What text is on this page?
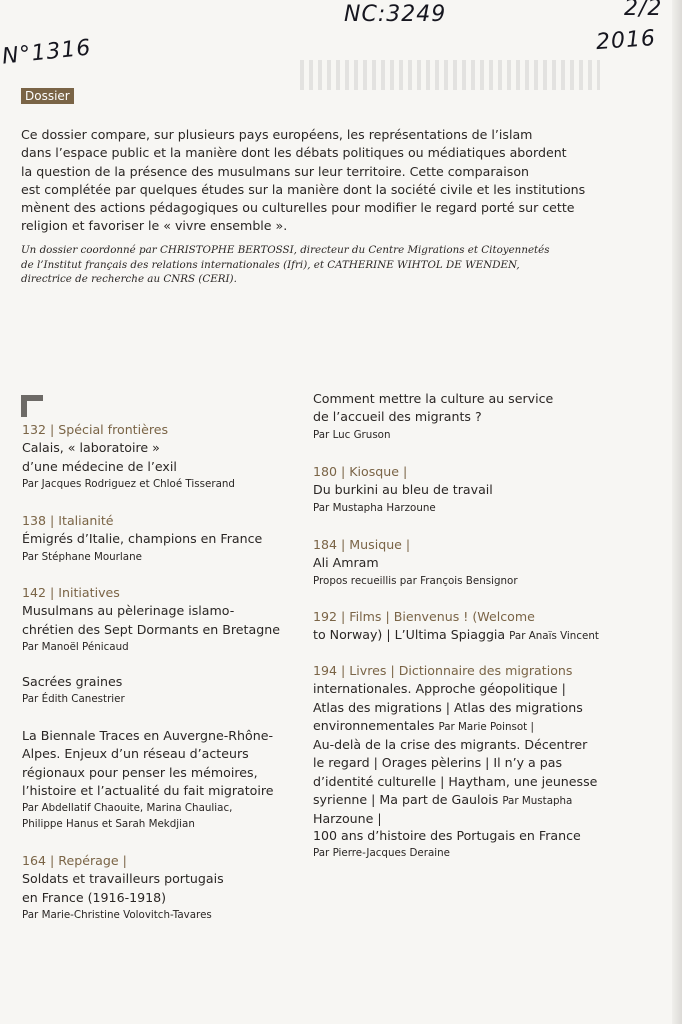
NC:3249
N°1316
2/2
2016
Dossier
Ce dossier compare, sur plusieurs pays européens, les représentations de l’islam
dans l’espace public et la manière dont les débats politiques ou médiatiques abordent
la question de la présence des musulmans sur leur territoire. Cette comparaison
est complétée par quelques études sur la manière dont la société civile et les institutions
mènent des actions pédagogiques ou culturelles pour modifier le regard porté sur cette
religion et favoriser le « vivre ensemble ».
Un dossier coordonné par CHRISTOPHE BERTOSSI, directeur du Centre Migrations et Citoyennetés
de l’Institut français des relations internationales (Ifri), et CATHERINE WIHTOL DE WENDEN,
directrice de recherche au CNRS (CERI).
132 | Spécial frontières
Calais, « laboratoire »
d’une médecine de l’exil
Par Jacques Rodriguez et Chloé Tisserand
138 | Italianité
Émigrés d’Italie, champions en France
Par Stéphane Mourlane
142 | Initiatives
Musulmans au pèlerinage islamo-
chrétien des Sept Dormants en Bretagne
Par Manoël Pénicaud
Sacrées graines
Par Édith Canestrier
La Biennale Traces en Auvergne-Rhône-
Alpes. Enjeux d’un réseau d’acteurs
régionaux pour penser les mémoires,
l’histoire et l’actualité du fait migratoire
Par Abdellatif Chaouite, Marina Chauliac,
Philippe Hanus et Sarah Mekdjian
164 | Repérage |
Soldats et travailleurs portugais
en France (1916-1918)
Par Marie-Christine Volovitch-Tavares
Comment mettre la culture au service
de l’accueil des migrants ?
Par Luc Gruson
180 | Kiosque |
Du burkini au bleu de travail
Par Mustapha Harzoune
184 | Musique |
Ali Amram
Propos recueillis par François Bensignor
192 | Films | Bienvenus ! (Welcome
to Norway) | L’Ultima Spiaggia Par Anaïs Vincent
194 | Livres | Dictionnaire des migrations
internationales. Approche géopolitique |
Atlas des migrations | Atlas des migrations
environnementales Par Marie Poinsot |
Au-delà de la crise des migrants. Décentrer
le regard | Orages pèlerins | Il n’y a pas
d’identité culturelle | Haytham, une jeunesse
syrienne | Ma part de Gaulois Par Mustapha
Harzoune |
100 ans d’histoire des Portugais en France
Par Pierre-Jacques Deraine
